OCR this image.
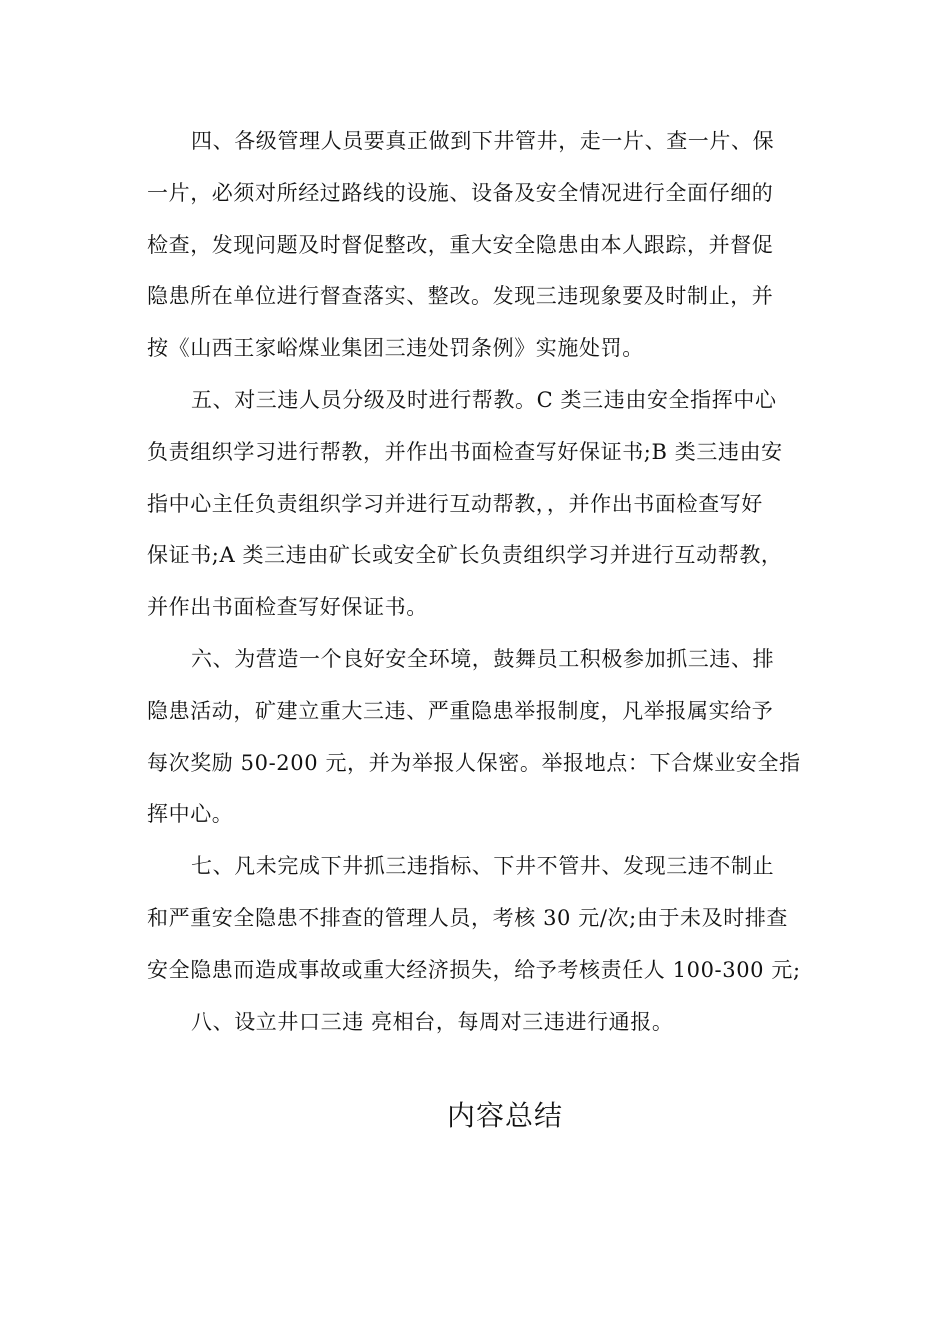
四、各级管理人员要真正做到下井管井，走一片、查一片、保
一片，必须对所经过路线的设施、设备及安全情况进行全面仔细的
检查，发现问题及时督促整改，重大安全隐患由本人跟踪，并督促
隐患所在单位进行督查落实、整改。发现三违现象要及时制止，并
按《山西王家峪煤业集团三违处罚条例》实施处罚。
五、对三违人员分级及时进行帮教。C 类三违由安全指挥中心
负责组织学习进行帮教，并作出书面检查写好保证书;B 类三违由安
指中心主任负责组织学习并进行互动帮教，，并作出书面检查写好
保证书;A 类三违由矿长或安全矿长负责组织学习并进行互动帮教，
并作出书面检查写好保证书。
六、为营造一个良好安全环境，鼓舞员工积极参加抓三违、排
隐患活动，矿建立重大三违、严重隐患举报制度，凡举报属实给予
每次奖励 50-200 元，并为举报人保密。举报地点：下合煤业安全指
挥中心。
七、凡未完成下井抓三违指标、下井不管井、发现三违不制止
和严重安全隐患不排查的管理人员，考核 30 元/次;由于未及时排查
安全隐患而造成事故或重大经济损失，给予考核责任人 100-300 元;
八、设立井口三违 亮相台，每周对三违进行通报。
内容总结
